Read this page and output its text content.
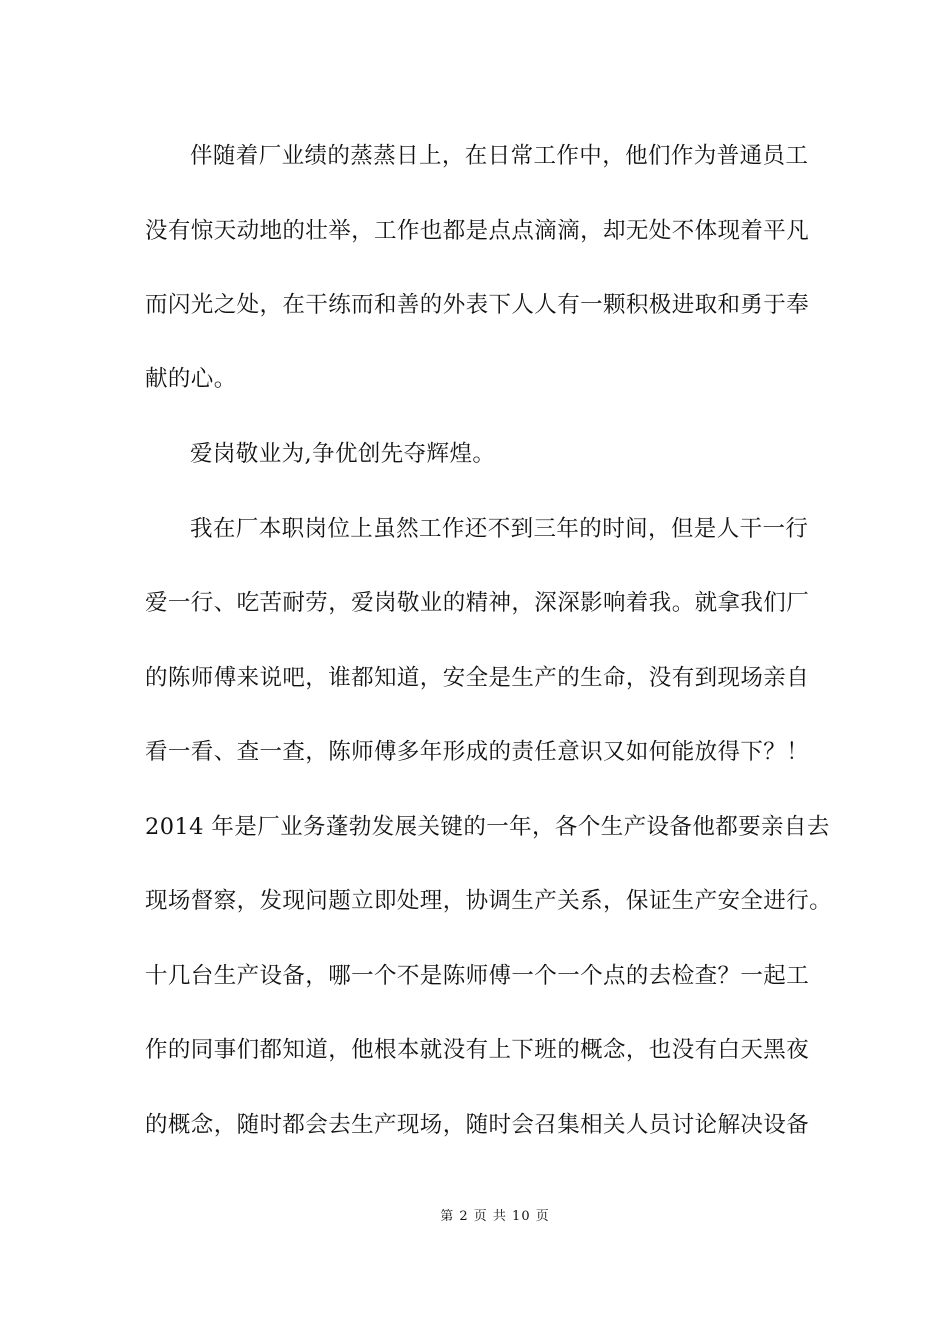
伴随着厂业绩的蒸蒸日上，在日常工作中，他们作为普通员工
没有惊天动地的壮举，工作也都是点点滴滴，却无处不体现着平凡
而闪光之处，在干练而和善的外表下人人有一颗积极进取和勇于奉
献的心。
爱岗敬业为,争优创先夺辉煌。
我在厂本职岗位上虽然工作还不到三年的时间，但是人干一行
爱一行、吃苦耐劳，爱岗敬业的精神，深深影响着我。就拿我们厂
的陈师傅来说吧，谁都知道，安全是生产的生命，没有到现场亲自
看一看、查一查，陈师傅多年形成的责任意识又如何能放得下？！
2014 年是厂业务蓬勃发展关键的一年，各个生产设备他都要亲自去
现场督察，发现问题立即处理，协调生产关系，保证生产安全进行。
十几台生产设备，哪一个不是陈师傅一个一个点的去检查？一起工
作的同事们都知道，他根本就没有上下班的概念，也没有白天黑夜
的概念，随时都会去生产现场，随时会召集相关人员讨论解决设备
第 2 页 共 10 页
